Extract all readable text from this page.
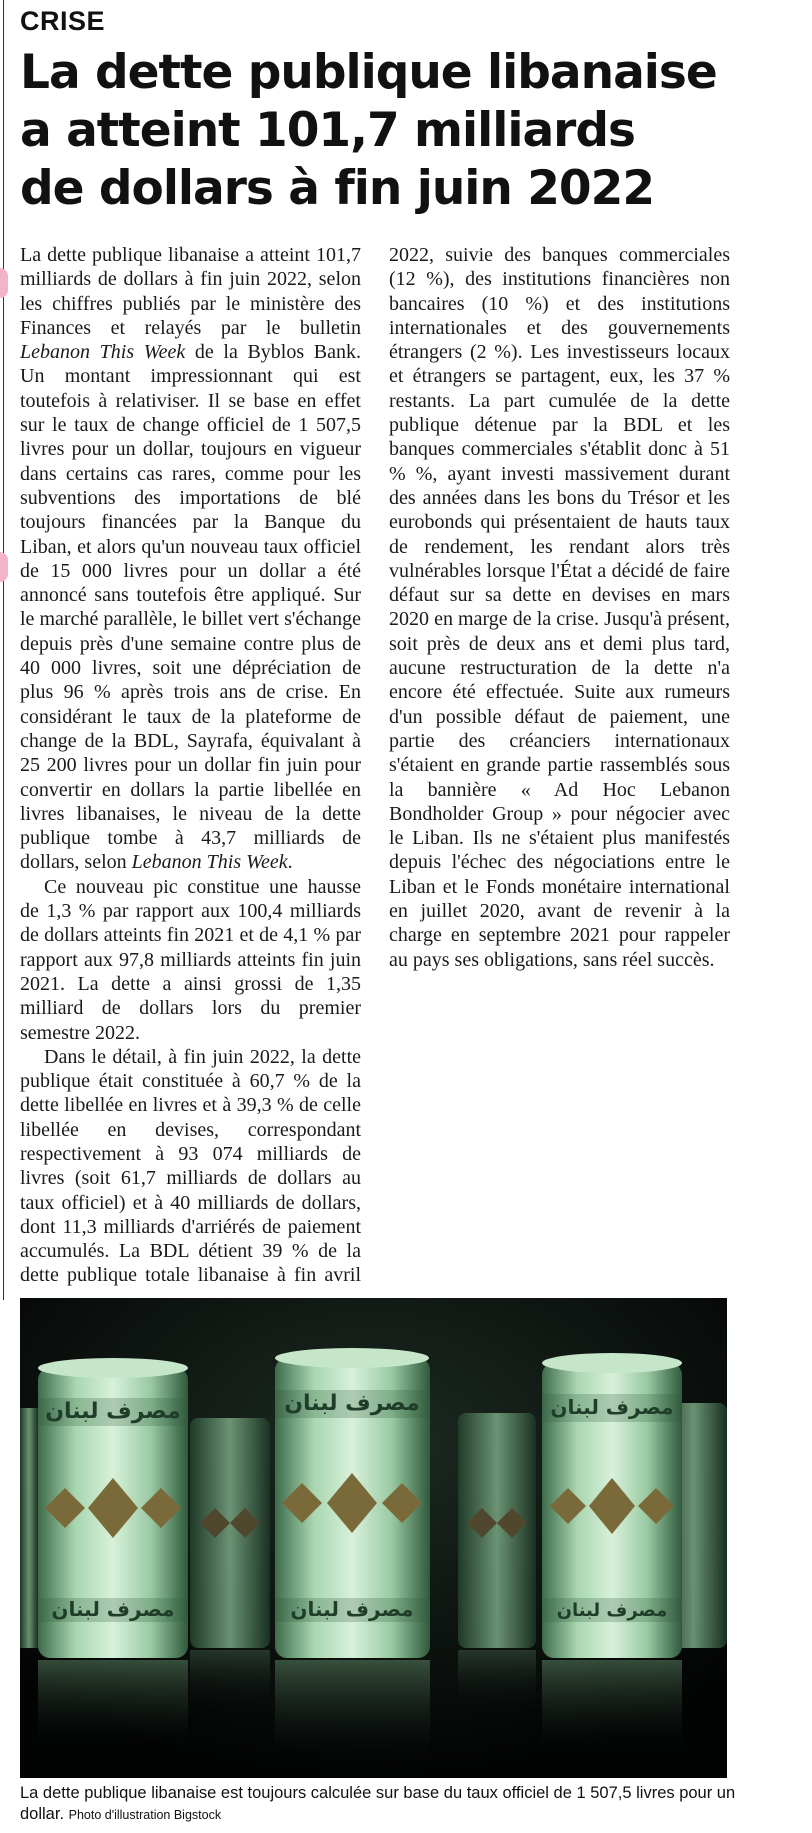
CRISE
La dette publique libanaise
a atteint 101,7 milliards
de dollars à fin juin 2022

La dette publique libanaise a atteint 101,7 milliards de dollars à fin juin 2022, selon les chiffres publiés par le ministère des Finances et relayés par le bulletin Lebanon This Week de la Byblos Bank. Un montant impressionnant qui est toutefois à relativiser. Il se base en effet sur le taux de change officiel de 1 507,5 livres pour un dollar, toujours en vigueur dans certains cas rares, comme pour les subventions des importations de blé toujours financées par la Banque du Liban, et alors qu'un nouveau taux officiel de 15 000 livres pour un dollar a été annoncé sans toutefois être appliqué. Sur le marché parallèle, le billet vert s'échange depuis près d'une semaine contre plus de 40 000 livres, soit une dépréciation de plus 96 % après trois ans de crise. En considérant le taux de la plateforme de change de la BDL, Sayrafa, équivalant à 25 200 livres pour un dollar fin juin pour convertir en dollars la partie libellée en livres libanaises, le niveau de la dette publique tombe à 43,7 milliards de dollars, selon Lebanon This Week.

Ce nouveau pic constitue une hausse de 1,3 % par rapport aux 100,4 milliards de dollars atteints fin 2021 et de 4,1 % par rapport aux 97,8 milliards atteints fin juin 2021. La dette a ainsi grossi de 1,35 milliard de dollars lors du premier semestre 2022.

Dans le détail, à fin juin 2022, la dette publique était constituée à 60,7 % de la dette libellée en livres et à 39,3 % de celle libellée en devises, correspondant respectivement à 93 074 milliards de livres (soit 61,7 milliards de dollars au taux officiel) et à 40 milliards de dollars, dont 11,3 milliards d'arriérés de paiement accumulés. La BDL détient 39 % de la dette publique totale libanaise à fin avril 2022, suivie des banques commerciales (12 %), des institutions financières non bancaires (10 %) et des institutions internationales et des gouvernements étrangers (2 %). Les investisseurs locaux et étrangers se partagent, eux, les 37 % restants. La part cumulée de la dette publique détenue par la BDL et les banques commerciales s'établit donc à 51 % %, ayant investi massivement durant des années dans les bons du Trésor et les eurobonds qui présentaient de hauts taux de rendement, les rendant alors très vulnérables lorsque l'État a décidé de faire défaut sur sa dette en devises en mars 2020 en marge de la crise. Jusqu'à présent, soit près de deux ans et demi plus tard, aucune restructuration de la dette n'a encore été effectuée. Suite aux rumeurs d'un possible défaut de paiement, une partie des créanciers internationaux s'étaient en grande partie rassemblés sous la bannière « Ad Hoc Lebanon Bondholder Group » pour négocier avec le Liban. Ils ne s'étaient plus manifestés depuis l'échec des négociations entre le Liban et le Fonds monétaire international en juillet 2020, avant de revenir à la charge en septembre 2021 pour rappeler au pays ses obligations, sans réel succès.

مصرف لبنان	مصرف لبنان	مصرف لبنان
مصرف لبنان	مصرف لبنان	مصرف لبنان
La dette publique libanaise est toujours calculée sur base du taux officiel de 1 507,5 livres pour un dollar. Photo d'illustration Bigstock
